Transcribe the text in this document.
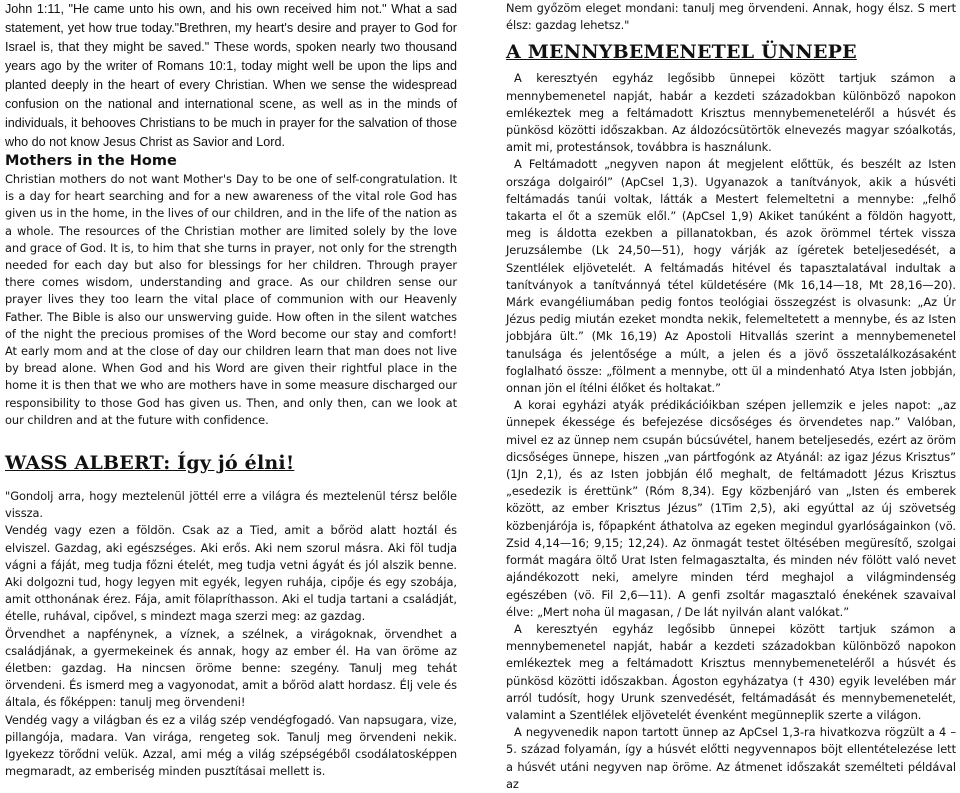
John 1:11, "He came unto his own, and his own received him not." What a sad statement, yet how true today."Brethren, my heart's desire and prayer to God for Israel is, that they might be saved." These words, spoken nearly two thousand years ago by the writer of Romans 10:1, today might well be upon the lips and planted deeply in the heart of every Christian. When we sense the widespread confusion on the national and international scene, as well as in the minds of individuals, it behooves Christians to be much in prayer for the salvation of those who do not know Jesus Christ as Savior and Lord.

Mothers in the Home

Christian mothers do not want Mother's Day to be one of self-congratulation. It is a day for heart searching and for a new awareness of the vital role God has given us in the home, in the lives of our children, and in the life of the nation as a whole. The resources of the Christian mother are limited solely by the love and grace of God. It is, to him that she turns in prayer, not only for the strength needed for each day but also for blessings for her children. Through prayer there comes wisdom, understanding and grace. As our children sense our prayer lives they too learn the vital place of communion with our Heavenly Father. The Bible is also our unswerving guide. How often in the silent watches of the night the precious promises of the Word become our stay and comfort! At early mom and at the close of day our children learn that man does not live by bread alone. When God and his Word are given their rightful place in the home it is then that we who are mothers have in some measure discharged our responsibility to those God has given us. Then, and only then, can we look at our children and at the future with confidence.

WASS ALBERT: Így jó élni!

"Gondolj arra, hogy meztelenül jöttél erre a világra és meztelenül térsz belőle vissza.

Vendég vagy ezen a földön. Csak az a Tied, amit a bőröd alatt hoztál és elviszel. Gazdag, aki egészséges. Aki erős. Aki nem szorul másra. Aki föl tudja vágni a fáját, meg tudja főzni ételét, meg tudja vetni ágyát és jól alszik benne. Aki dolgozni tud, hogy legyen mit egyék, legyen ruhája, cipője és egy szobája, amit otthonának érez. Fája, amit fölapríthasson. Aki el tudja tartani a családját, ételle, ruhával, cipővel, s mindezt maga szerzi meg: az gazdag.

Örvendhet a napfénynek, a víznek, a szélnek, a virágoknak, örvendhet a családjának, a gyermekeinek és annak, hogy az ember él. Ha van öröme az életben: gazdag. Ha nincsen öröme benne: szegény. Tanulj meg tehát örvendeni. És ismerd meg a vagyonodat, amit a bőröd alatt hordasz. Élj vele és általa, és főképpen: tanulj meg örvendeni!

Vendég vagy a világban és ez a világ szép vendégfogadó. Van napsugara, vize, pillangója, madara. Van virága, rengeteg sok. Tanulj meg örvendeni nekik. Igyekezz törődni velük. Azzal, ami még a világ szépségéből csodálatosképpen megmaradt, az emberiség minden pusztításai mellett is.

Nem győzöm eleget mondani: tanulj meg örvendeni. Annak, hogy élsz. S mert élsz: gazdag lehetsz."

A MENNYBEMENETEL ÜNNEPE

A keresztyén egyház legősibb ünnepei között tartjuk számon a mennybemenetel napját, habár a kezdeti századokban különböző napokon emlékeztek meg a feltámadott Krisztus mennybemeneteléről a húsvét és pünkösd közötti időszakban. Az áldozócsütörtök elnevezés magyar szóalkotás, amit mi, protestánsok, továbbra is használunk.

A Feltámadott „negyven napon át megjelent előttük, és beszélt az Isten országa dolgairól” (ApCsel 1,3). Ugyanazok a tanítványok, akik a húsvéti feltámadás tanúi voltak, látták a Mestert felemeltetni a mennybe: „felhő takarta el őt a szemük elől.” (ApCsel 1,9) Akiket tanúként a földön hagyott, meg is áldotta ezekben a pillanatokban, és azok örömmel tértek vissza Jeruzsálembe (Lk 24,50—51), hogy várják az ígéretek beteljesedését, a Szentlélek eljövetelét. A feltámadás hitével és tapasztalatával indultak a tanítványok a tanítvánnyá tétel küldetésére (Mk 16,14—18, Mt 28,16—20). Márk evangéliumában pedig fontos teológiai összegzést is olvasunk: „Az Úr Jézus pedig miután ezeket mondta nekik, felemeltetett a mennybe, és az Isten jobbjára ült.” (Mk 16,19) Az Apostoli Hitvallás szerint a mennybemenetel tanulsága és jelentősége a múlt, a jelen és a jövő összetalálkozásaként foglalható össze: „fölment a mennybe, ott ül a mindenható Atya Isten jobbján, onnan jön el ítélni élőket és holtakat.”

A korai egyházi atyák prédikációikban szépen jellemzik e jeles napot: „az ünnepek ékessége és befejezése dicsőséges és örvendetes nap.” Valóban, mivel ez az ünnep nem csupán búcsúvétel, hanem beteljesedés, ezért az öröm dicsőséges ünnepe, hiszen „van pártfogónk az Atyánál: az igaz Jézus Krisztus” (1Jn 2,1), és az Isten jobbján élő meghalt, de feltámadott Jézus Krisztus „esedezik is érettünk” (Róm 8,34). Egy közbenjáró van „Isten és emberek között, az ember Krisztus Jézus” (1Tim 2,5), aki egyúttal az új szövetség közbenjárója is, főpapként áthatolva az egeken megindul gyarlóságainkon (vö. Zsid 4,14—16; 9,15; 12,24). Az önmagát testet öltésében megüresítő, szolgai formát magára öltő Urat Isten felmagasztalta, és minden név fölött való nevet ajándékozott neki, amelyre minden térd meghajol a világmindenség egészében (vö. Fil 2,6—11). A genfi zsoltár magasztaló énekének szavaival élve: „Mert noha ül magasan, / De lát nyilván alant valókat.”

A keresztyén egyház legősibb ünnepei között tartjuk számon a mennybemenetel napját, habár a kezdeti századokban különböző napokon emlékeztek meg a feltámadott Krisztus mennybemeneteléről a húsvét és pünkösd közötti időszakban. Ágoston egyházatya († 430) egyik levelében már arról tudósít, hogy Urunk szenvedését, feltámadását és mennybemenetelét, valamint a Szentlélek eljövetelét évenként megünneplik szerte a világon.

A negyvenedik napon tartott ünnep az ApCsel 1,3-ra hivatkozva rögzült a 4 – 5. század folyamán, így a húsvét előtti negyvennapos böjt ellentételezése lett a húsvét utáni negyven nap öröme. Az átmenet időszakát személteti példával az
